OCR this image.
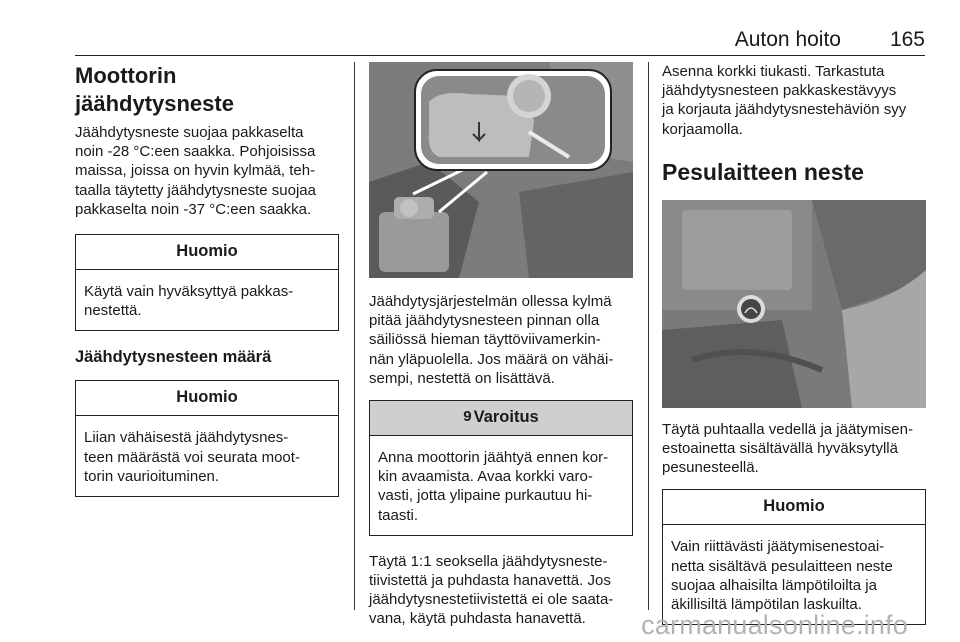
Auton hoito 165
Moottorin jäähdytysneste

Jäähdytysneste suojaa pakkaselta
noin -28 °C:een saakka. Pohjoisissa
maissa, joissa on hyvin kylmää, teh-
taalla täytetty jäähdytysneste suojaa
pakkaselta noin -37 °C:een saakka.

Huomio
Käytä vain hyväksyttyä pakkas-
nestettä.
Jäähdytysnesteen määrä
Huomio
Liian vähäisestä jäähdytysnes-
teen määrästä voi seurata moot-
torin vaurioituminen.

Jäähdytysjärjestelmän ollessa kylmä
pitää jäähdytysnesteen pinnan olla
säiliössä hieman täyttöviivamerkin-
nän yläpuolella. Jos määrä on vähäi-
sempi, nestettä on lisättävä.

9 Varoitus
Anna moottorin jäähtyä ennen kor-
kin avaamista. Avaa korkki varo-
vasti, jotta ylipaine purkautuu hi-
taasti.

Täytä 1:1 seoksella jäähdytysneste-
tiivistettä ja puhdasta hanavettä. Jos
jäähdytysnestetiivistettä ei ole saata-
vana, käytä puhdasta hanavettä.

Asenna korkki tiukasti. Tarkastuta
jäähdytysnesteen pakkaskestävyys
ja korjauta jäähdytysnestehäviön syy
korjaamolla.

Pesulaitteen neste

Täytä puhtaalla vedellä ja jäätymisen-
estoainetta sisältävällä hyväksytyllä
pesunesteellä.

Huomio
Vain riittävästi jäätymisenestoai-
netta sisältävä pesulaitteen neste
suojaa alhaisilta lämpötiloilta ja
äkillisiltä lämpötilan laskuilta.
carmanualsonline.info
